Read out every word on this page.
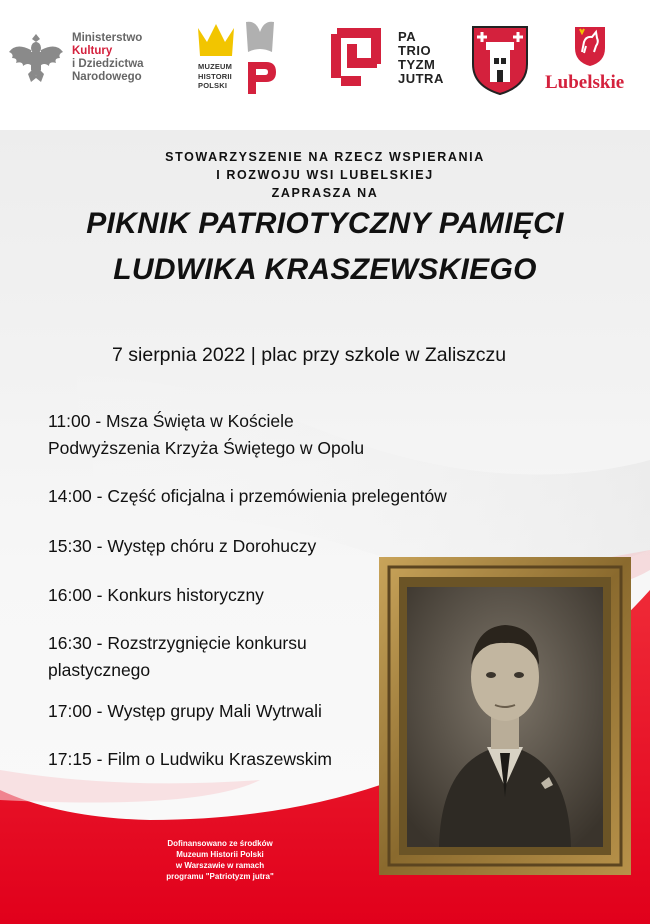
Ministerstwo
Kultury
i Dziedzictwa
Narodowego
MUZEUM
HISTORII
POLSKI
PA
TRIO
TYZM
JUTRA	Lubelskie
STOWARZYSZENIE NA RZECZ WSPIERANIA
I ROZWOJU WSI LUBELSKIEJ
ZAPRASZA NA
PIKNIK PATRIOTYCZNY PAMIĘCI
LUDWIKA KRASZEWSKIEGO
7 sierpnia 2022 | plac przy szkole w Zaliszczu
11:00 - Msza Święta w Kościele
Podwyższenia Krzyża Świętego w Opolu
14:00 - Część oficjalna i przemówienia prelegentów
15:30 - Występ chóru z Dorohuczy
16:00 - Konkurs historyczny
16:30 - Rozstrzygnięcie konkursu
plastycznego
17:00 - Występ grupy Mali Wytrwali
17:15 - Film o Ludwiku Kraszewskim
Dofinansowano ze środków
Muzeum Historii Polski
w Warszawie w ramach
programu "Patriotyzm jutra"
